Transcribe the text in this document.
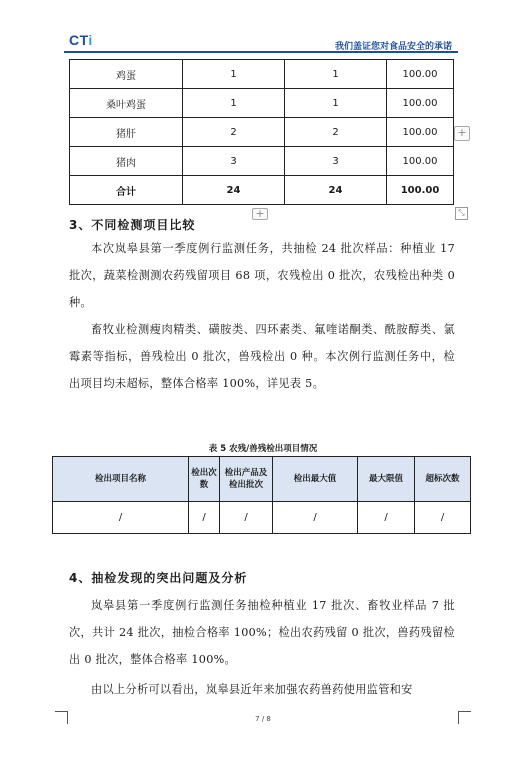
CTi	我们盖证您对食品安全的承诺
鸡蛋	1	1	100.00
桑叶鸡蛋	1	1	100.00
猪肝	2	2	100.00
猪肉	3	3	100.00
合计	24	24	100.00
+
+	⤡
3、不同检测项目比较

本次岚皋县第一季度例行监测任务，共抽检 24 批次样品：种植业 17 批次，蔬菜检测测农药残留项目 68 项，农残检出 0 批次，农残检出种类 0 种。

畜牧业检测瘦肉精类、磺胺类、四环素类、氟喹诺酮类、酰胺醇类、氯霉素等指标，兽残检出 0 批次，兽残检出 0 种。本次例行监测任务中，检出项目均未超标，整体合格率 100%，详见表 5。

表 5 农残/兽残检出项目情况
检出项目名称	检出次数	检出产品及检出批次	检出最大值	最大限值	超标次数
/	/	/	/	/	/
4、抽检发现的突出问题及分析

岚皋县第一季度例行监测任务抽检种植业 17 批次、畜牧业样品 7 批次，共计 24 批次，抽检合格率 100%；检出农药残留 0 批次，兽药残留检出 0 批次，整体合格率 100%。

由以上分析可以看出，岚皋县近年来加强农药兽药使用监管和安

7 / 8
